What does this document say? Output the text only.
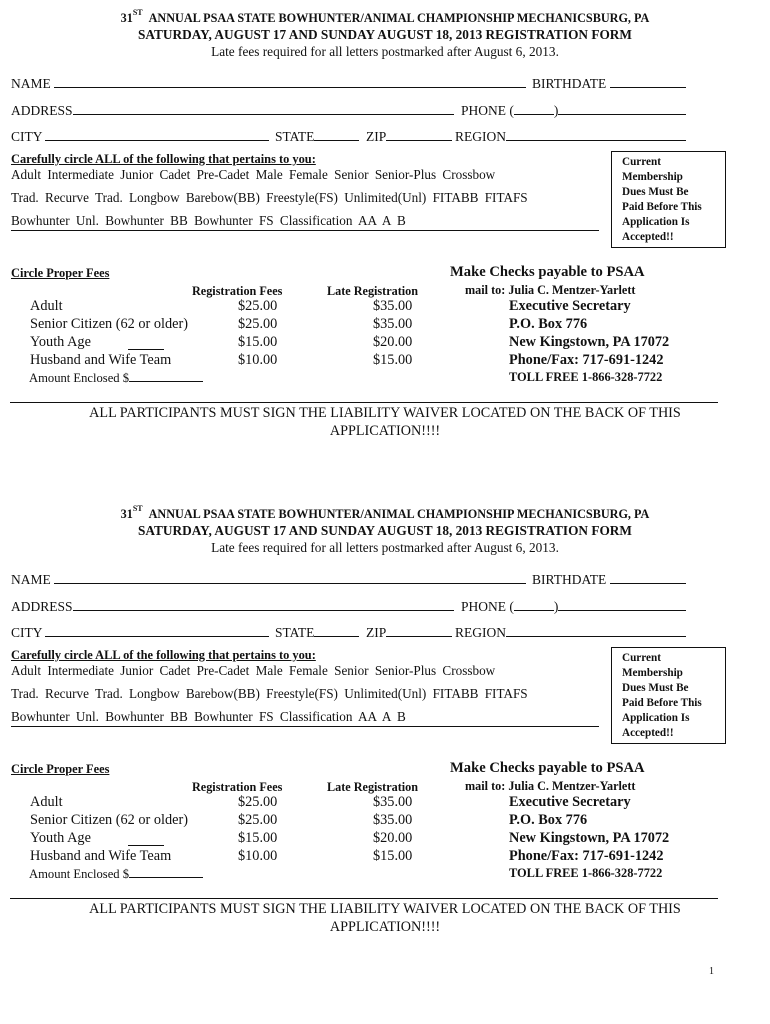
31ST ANNUAL PSAA STATE BOWHUNTER/ANIMAL CHAMPIONSHIP MECHANICSBURG, PA
SATURDAY, AUGUST 17 AND SUNDAY AUGUST 18, 2013 REGISTRATION FORM
Late fees required for all letters postmarked after August 6, 2013.
NAME	BIRTHDATE
ADDRESS	PHONE (	)
CITY	STATE	ZIP	REGION
Carefully circle ALL of the following that pertains to you:
Adult Intermediate Junior Cadet Pre-Cadet Male Female Senior Senior-Plus Crossbow
Trad. Recurve Trad. Longbow Barebow(BB) Freestyle(FS) Unlimited(Unl) FITABB FITAFS
Bowhunter Unl. Bowhunter BB Bowhunter FS Classification AA A B
Current
Membership
Dues Must Be
Paid Before This
Application Is
Accepted!!
Circle Proper Fees
Registration Fees	Late Registration
Adult	$25.00	$35.00
Senior Citizen (62 or older)	$25.00	$35.00
Youth Age	$15.00	$20.00
Husband and Wife Team	$10.00	$15.00
Amount Enclosed $
Make Checks payable to PSAA
mail to: Julia C. Mentzer-Yarlett
Executive Secretary
P.O. Box 776
New Kingstown, PA 17072
Phone/Fax: 717-691-1242
TOLL FREE 1-866-328-7722
ALL PARTICIPANTS MUST SIGN THE LIABILITY WAIVER LOCATED ON THE BACK OF THIS
APPLICATION!!!!
31ST ANNUAL PSAA STATE BOWHUNTER/ANIMAL CHAMPIONSHIP MECHANICSBURG, PA
SATURDAY, AUGUST 17 AND SUNDAY AUGUST 18, 2013 REGISTRATION FORM
Late fees required for all letters postmarked after August 6, 2013.
NAME	BIRTHDATE
ADDRESS	PHONE (	)
CITY	STATE	ZIP	REGION
Carefully circle ALL of the following that pertains to you:
Adult Intermediate Junior Cadet Pre-Cadet Male Female Senior Senior-Plus Crossbow
Trad. Recurve Trad. Longbow Barebow(BB) Freestyle(FS) Unlimited(Unl) FITABB FITAFS
Bowhunter Unl. Bowhunter BB Bowhunter FS Classification AA A B
Current
Membership
Dues Must Be
Paid Before This
Application Is
Accepted!!
Circle Proper Fees
Registration Fees	Late Registration
Adult	$25.00	$35.00
Senior Citizen (62 or older)	$25.00	$35.00
Youth Age	$15.00	$20.00
Husband and Wife Team	$10.00	$15.00
Amount Enclosed $
Make Checks payable to PSAA
mail to: Julia C. Mentzer-Yarlett
Executive Secretary
P.O. Box 776
New Kingstown, PA 17072
Phone/Fax: 717-691-1242
TOLL FREE 1-866-328-7722
ALL PARTICIPANTS MUST SIGN THE LIABILITY WAIVER LOCATED ON THE BACK OF THIS
APPLICATION!!!!
1
